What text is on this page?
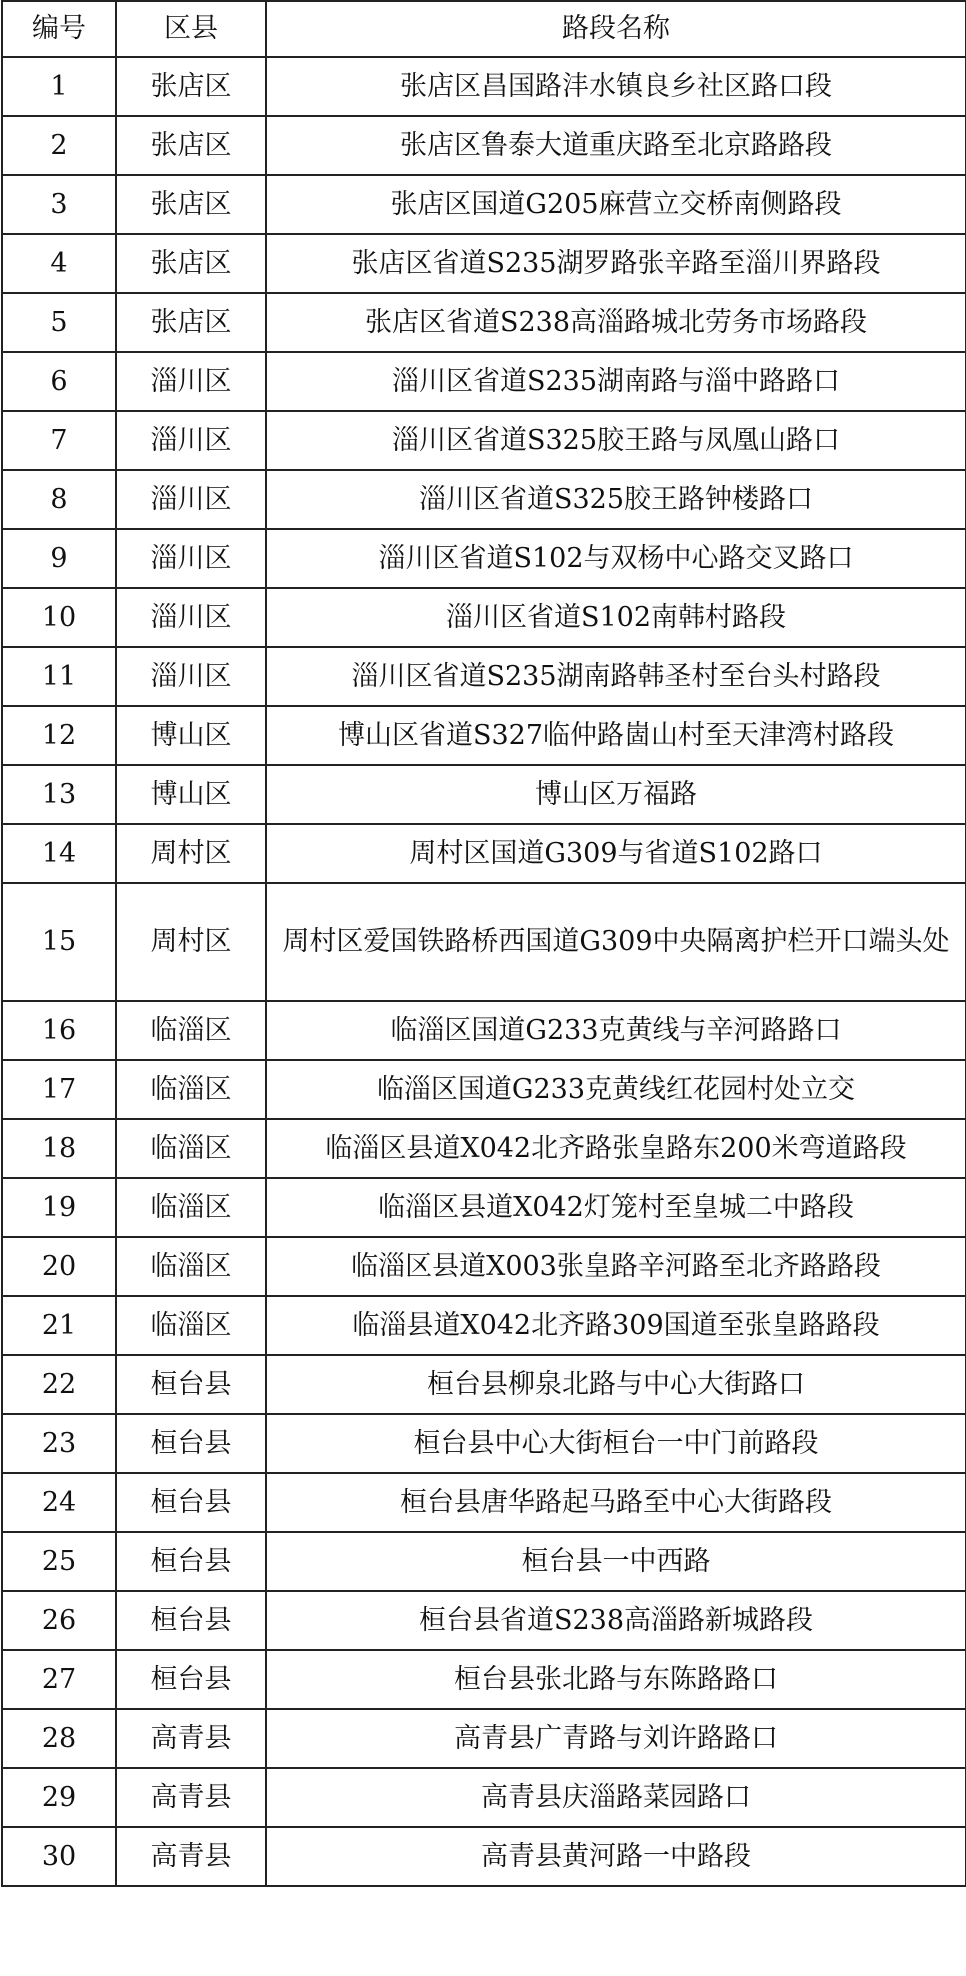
编号	区县	路段名称
1	张店区	张店区昌国路沣水镇良乡社区路口段
2	张店区	张店区鲁泰大道重庆路至北京路路段
3	张店区	张店区国道G205麻营立交桥南侧路段
4	张店区	张店区省道S235湖罗路张辛路至淄川界路段
5	张店区	张店区省道S238高淄路城北劳务市场路段
6	淄川区	淄川区省道S235湖南路与淄中路路口
7	淄川区	淄川区省道S325胶王路与凤凰山路口
8	淄川区	淄川区省道S325胶王路钟楼路口
9	淄川区	淄川区省道S102与双杨中心路交叉路口
10	淄川区	淄川区省道S102南韩村路段
11	淄川区	淄川区省道S235湖南路韩圣村至台头村路段
12	博山区	博山区省道S327临仲路崮山村至天津湾村路段
13	博山区	博山区万福路
14	周村区	周村区国道G309与省道S102路口
15	周村区	周村区爱国铁路桥西国道G309中央隔离护栏开口端头处
16	临淄区	临淄区国道G233克黄线与辛河路路口
17	临淄区	临淄区国道G233克黄线红花园村处立交
18	临淄区	临淄区县道X042北齐路张皇路东200米弯道路段
19	临淄区	临淄区县道X042灯笼村至皇城二中路段
20	临淄区	临淄区县道X003张皇路辛河路至北齐路路段
21	临淄区	临淄县道X042北齐路309国道至张皇路路段
22	桓台县	桓台县柳泉北路与中心大街路口
23	桓台县	桓台县中心大街桓台一中门前路段
24	桓台县	桓台县唐华路起马路至中心大街路段
25	桓台县	桓台县一中西路
26	桓台县	桓台县省道S238高淄路新城路段
27	桓台县	桓台县张北路与东陈路路口
28	高青县	高青县广青路与刘许路路口
29	高青县	高青县庆淄路菜园路口
30	高青县	高青县黄河路一中路段
